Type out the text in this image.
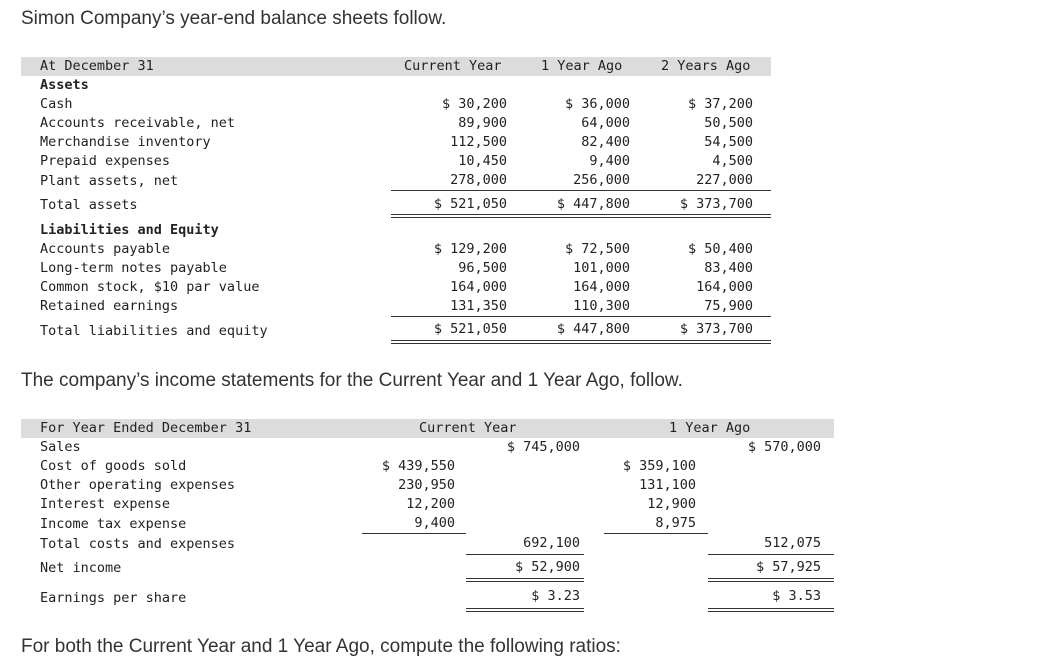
Simon Company’s year-end balance sheets follow.
At December 31	Current Year	1 Year Ago	2 Years Ago
Assets
Cash	$ 30,200	$ 36,000	$ 37,200
Accounts receivable, net	89,900	64,000	50,500
Merchandise inventory	112,500	82,400	54,500
Prepaid expenses	10,450	9,400	4,500
Plant assets, net	278,000	256,000	227,000
Total assets	$ 521,050	$ 447,800	$ 373,700
Liabilities and Equity
Accounts payable	$ 129,200	$ 72,500	$ 50,400
Long-term notes payable	96,500	101,000	83,400
Common stock, $10 par value	164,000	164,000	164,000
Retained earnings	131,350	110,300	75,900
Total liabilities and equity	$ 521,050	$ 447,800	$ 373,700
The company’s income statements for the Current Year and 1 Year Ago, follow.
For Year Ended December 31	Current Year	1 Year Ago
Sales	$ 745,000	$ 570,000
Cost of goods sold	$ 439,550	$ 359,100
Other operating expenses	230,950	131,100
Interest expense	12,200	12,900
Income tax expense	9,400	8,975
Total costs and expenses	692,100	512,075
Net income	$ 52,900	$ 57,925
Earnings per share	$ 3.23	$ 3.53
For both the Current Year and 1 Year Ago, compute the following ratios:
